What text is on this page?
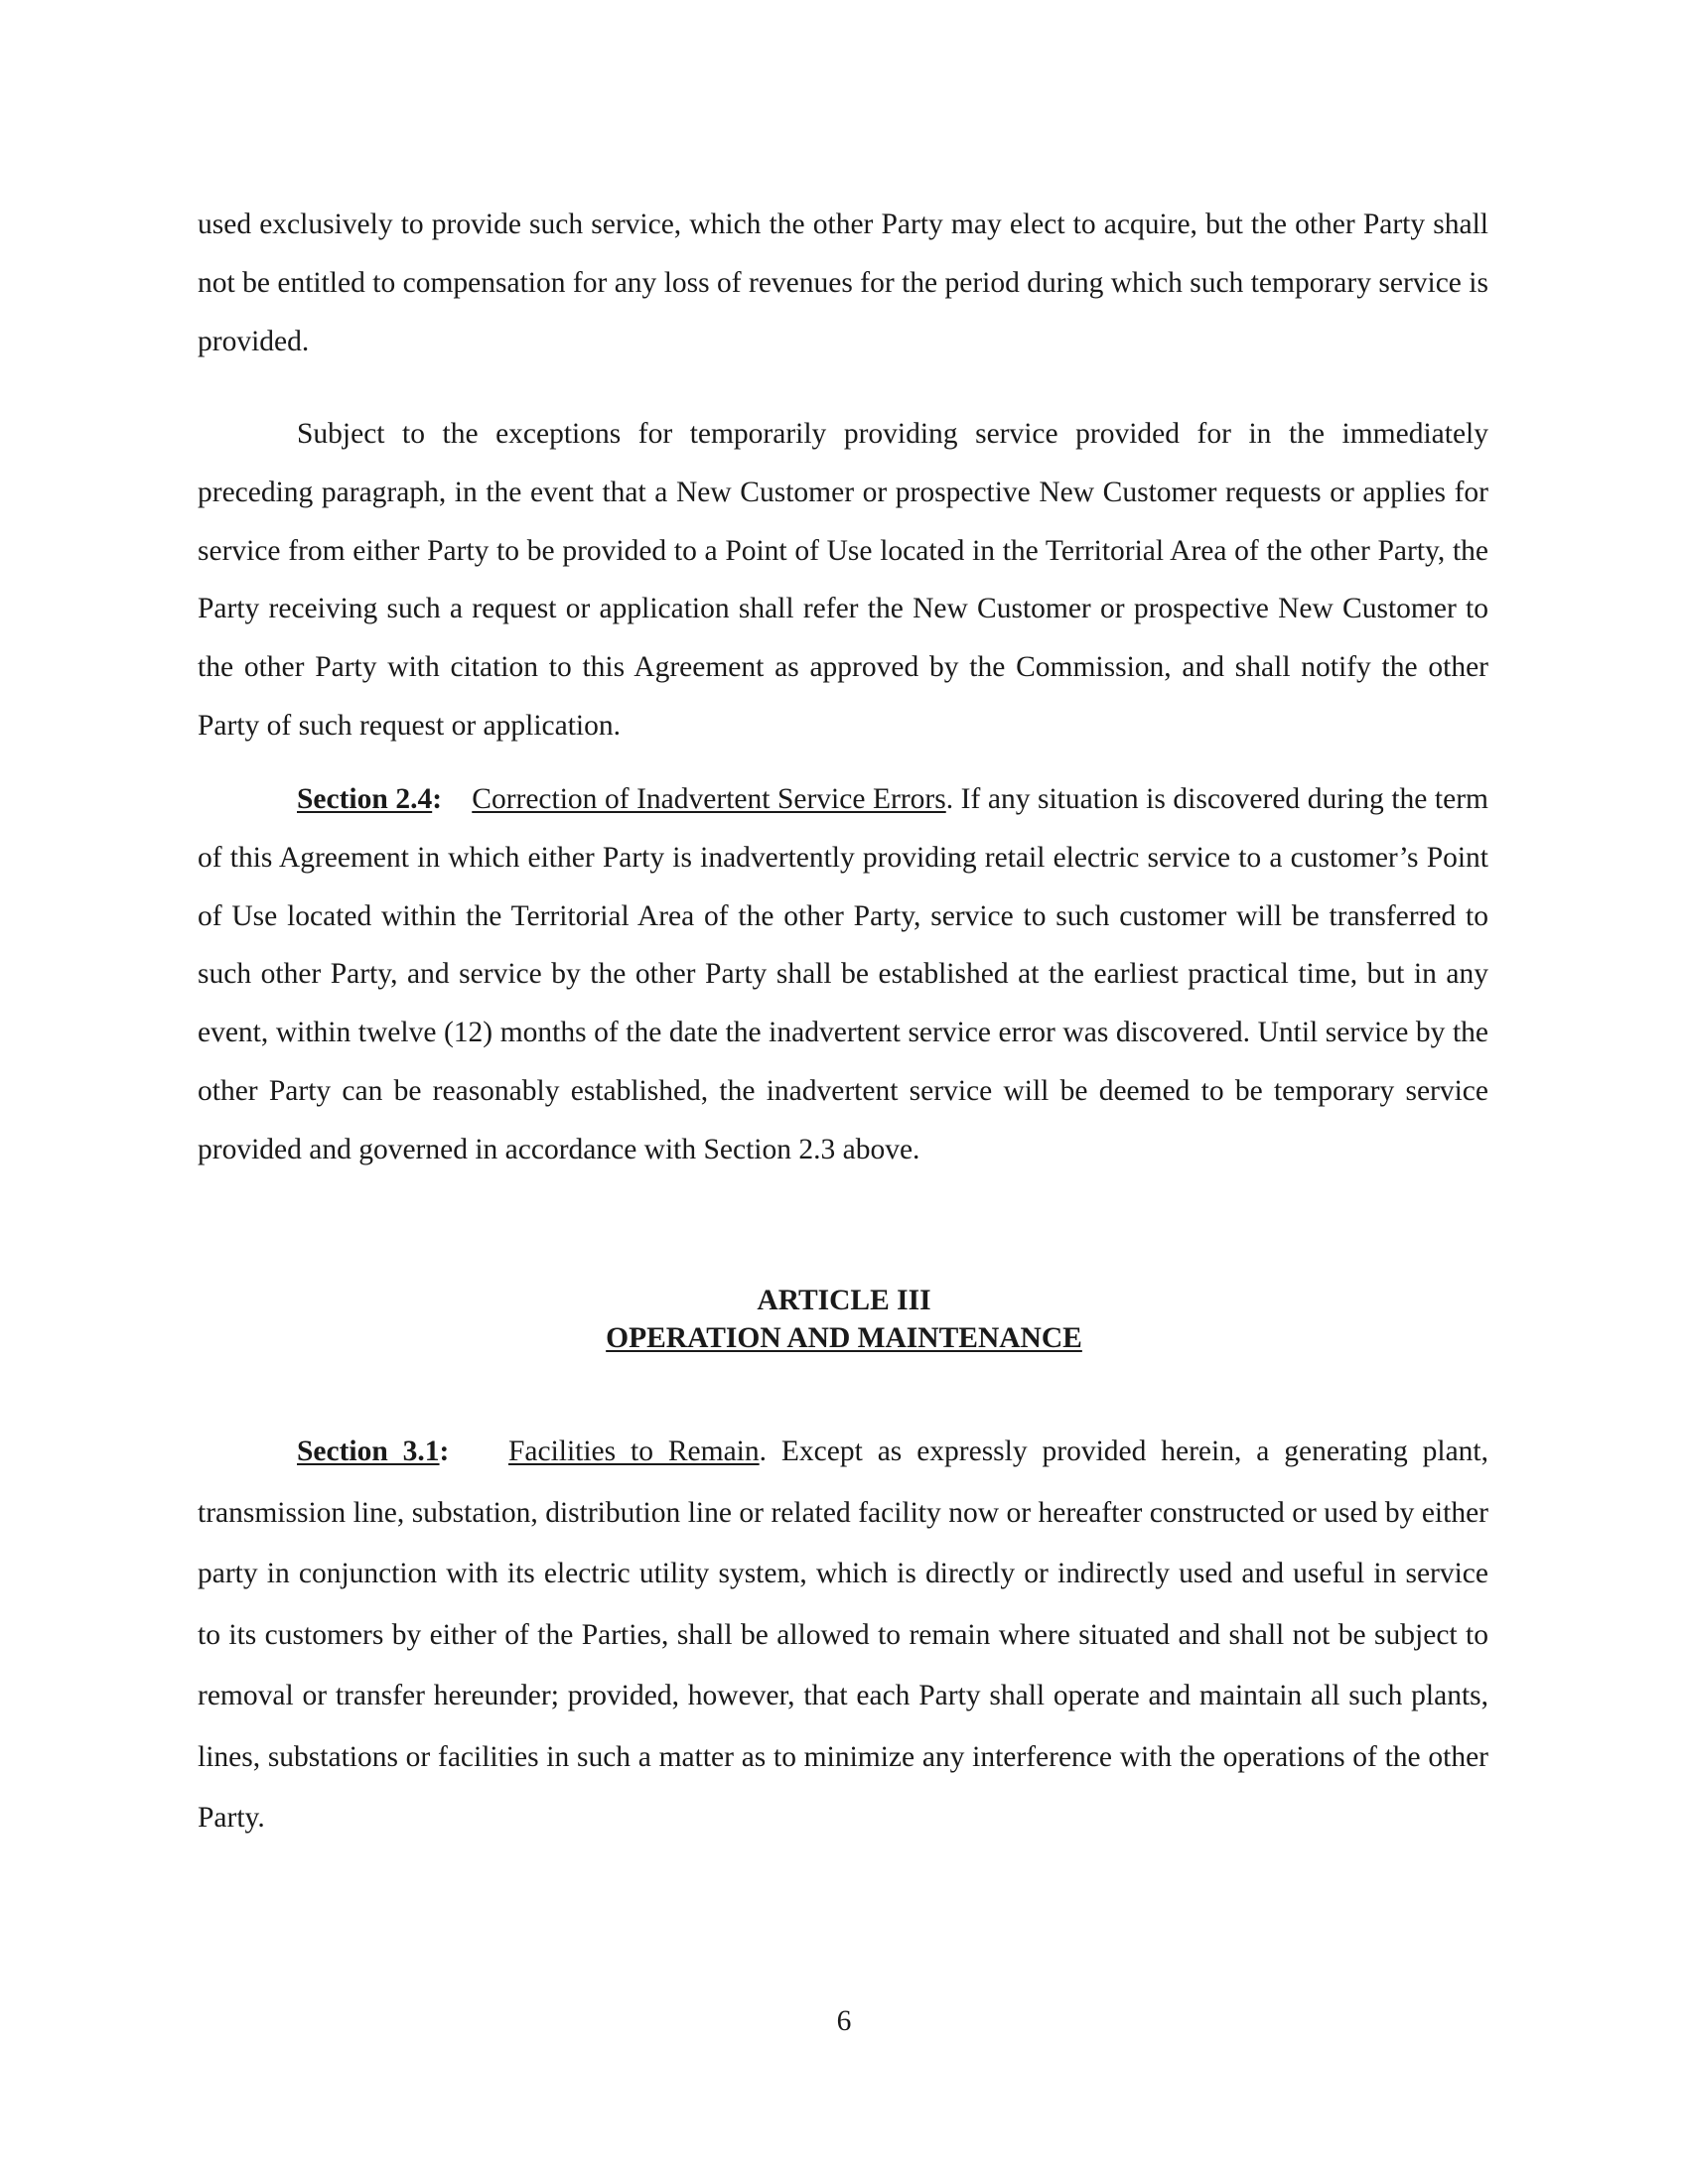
used exclusively to provide such service, which the other Party may elect to acquire, but the other Party shall not be entitled to compensation for any loss of revenues for the period during which such temporary service is provided.

Subject to the exceptions for temporarily providing service provided for in the immediately preceding paragraph, in the event that a New Customer or prospective New Customer requests or applies for service from either Party to be provided to a Point of Use located in the Territorial Area of the other Party, the Party receiving such a request or application shall refer the New Customer or prospective New Customer to the other Party with citation to this Agreement as approved by the Commission, and shall notify the other Party of such request or application.

Section 2.4: Correction of Inadvertent Service Errors. If any situation is discovered during the term of this Agreement in which either Party is inadvertently providing retail electric service to a customer’s Point of Use located within the Territorial Area of the other Party, service to such customer will be transferred to such other Party, and service by the other Party shall be established at the earliest practical time, but in any event, within twelve (12) months of the date the inadvertent service error was discovered. Until service by the other Party can be reasonably established, the inadvertent service will be deemed to be temporary service provided and governed in accordance with Section 2.3 above.

ARTICLE III
OPERATION AND MAINTENANCE

Section 3.1: Facilities to Remain. Except as expressly provided herein, a generating plant, transmission line, substation, distribution line or related facility now or hereafter constructed or used by either party in conjunction with its electric utility system, which is directly or indirectly used and useful in service to its customers by either of the Parties, shall be allowed to remain where situated and shall not be subject to removal or transfer hereunder; provided, however, that each Party shall operate and maintain all such plants, lines, substations or facilities in such a matter as to minimize any interference with the operations of the other Party.

6
